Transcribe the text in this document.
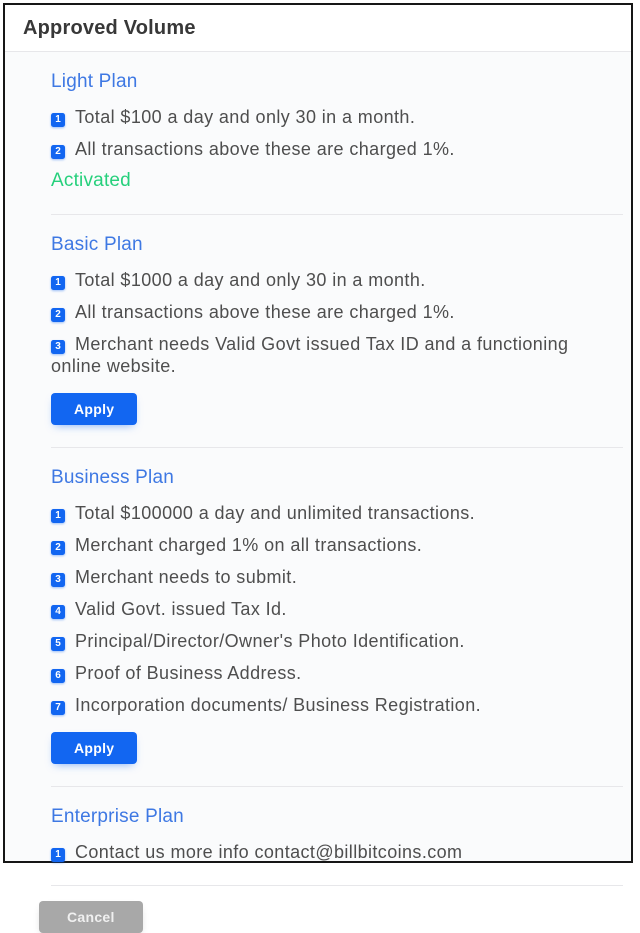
Approved Volume
Light Plan

1 Total $100 a day and only 30 in a month.

2 All transactions above these are charged 1%.

Activated
Basic Plan

1 Total $1000 a day and only 30 in a month.

2 All transactions above these are charged 1%.

3 Merchant needs Valid Govt issued Tax ID and a functioning online website.

Apply
Business Plan

1 Total $100000 a day and unlimited transactions.

2 Merchant charged 1% on all transactions.

3 Merchant needs to submit.

4 Valid Govt. issued Tax Id.

5 Principal/Director/Owner's Photo Identification.

6 Proof of Business Address.

7 Incorporation documents/ Business Registration.

Apply
Enterprise Plan

1 Contact us more info contact@billbitcoins.com

Cancel
